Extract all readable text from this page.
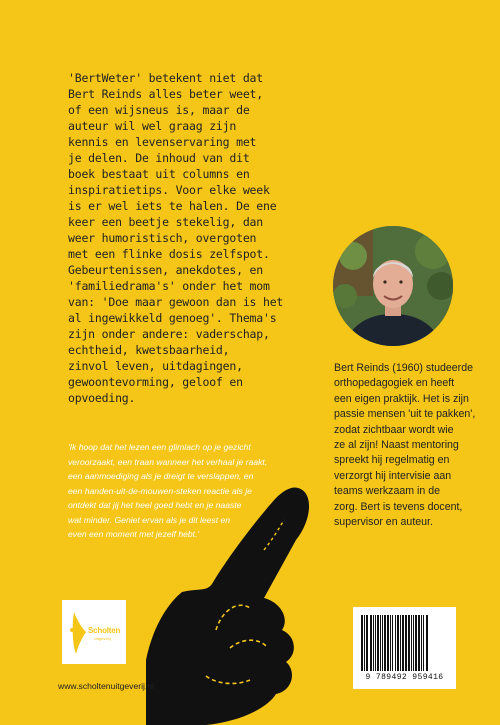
'BertWeter' betekent niet dat
Bert Reinds alles beter weet,
of een wijsneus is, maar de
auteur wil wel graag zijn
kennis en levenservaring met
je delen. De inhoud van dit
boek bestaat uit columns en
inspiratietips. Voor elke week
is er wel iets te halen. De ene
keer een beetje stekelig, dan
weer humoristisch, overgoten
met een flinke dosis zelfspot.
Gebeurtenissen, anekdotes, en
'familiedrama's' onder het mom
van: 'Doe maar gewoon dan is het
al ingewikkeld genoeg'. Thema's
zijn onder andere: vaderschap,
echtheid, kwetsbaarheid,
zinvol leven, uitdagingen,
gewoontevorming, geloof en
opvoeding.
Bert Reinds (1960) studeerde
orthopedagogiek en heeft
een eigen praktijk. Het is zijn
passie mensen 'uit te pakken',
zodat zichtbaar wordt wie
ze al zijn! Naast mentoring
spreekt hij regelmatig en
verzorgt hij intervisie aan
teams werkzaam in de
zorg. Bert is tevens docent,
supervisor en auteur.
'Ik hoop dat het lezen een glimlach op je gezicht
veroorzaakt, een traan wanneer het verhaal je raakt,
een aanmoediging als je dreigt te verslappen, en
een handen-uit-de-mouwen-steken reactie als je
ontdekt dat jij het heel goed hebt en je naaste
wat minder. Geniet ervan als je dit leest en
even een moment met jezelf hebt.'
Scholten
Uitgeverij
www.scholtenuitgeverij.nl
9 789492 959416
